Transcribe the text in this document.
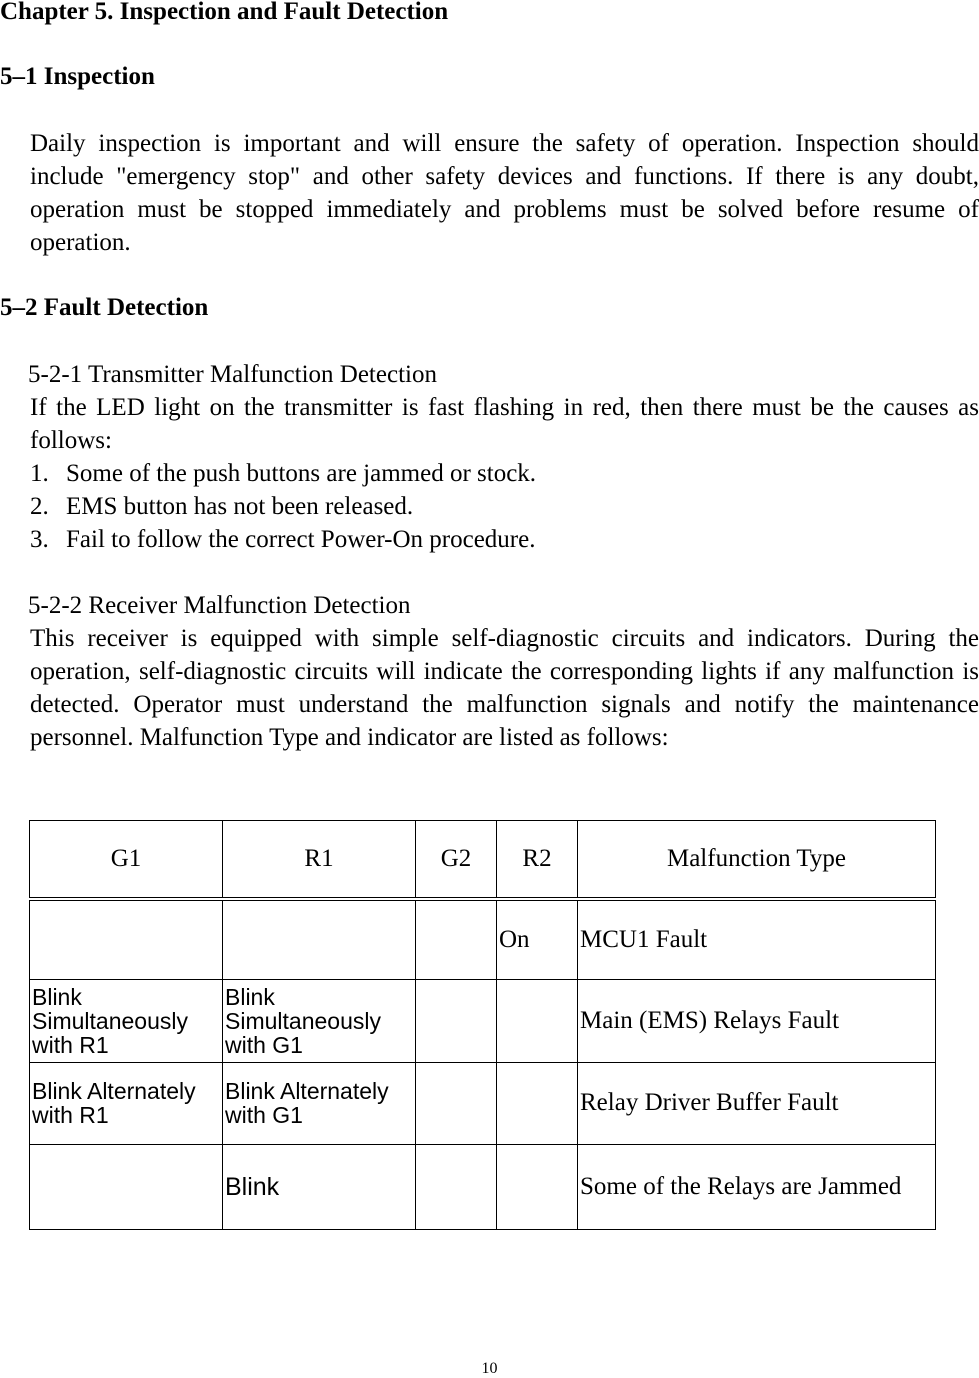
Chapter 5. Inspection and Fault Detection
5–1 Inspection

Daily inspection is important and will ensure the safety of operation. Inspection should include "emergency stop" and other safety devices and functions. If there is any doubt, operation must be stopped immediately and problems must be solved before resume of operation.

5–2 Fault Detection
5-2-1 Transmitter Malfunction Detection

If the LED light on the transmitter is fast flashing in red, then there must be the causes as follows:

1. Some of the push buttons are jammed or stock.
2. EMS button has not been released.
3. Fail to follow the correct Power-On procedure.
5-2-2 Receiver Malfunction Detection

This receiver is equipped with simple self-diagnostic circuits and indicators. During the operation, self-diagnostic circuits will indicate the corresponding lights if any malfunction is detected. Operator must understand the malfunction signals and notify the maintenance personnel. Malfunction Type and indicator are listed as follows:

G1	R1	G2	R2	Malfunction Type
			On	MCU1 Fault
Blink Simultaneously with R1	Blink Simultaneously with G1			Main (EMS) Relays Fault
Blink Alternately with R1	Blink Alternately with G1			Relay Driver Buffer Fault
	Blink			Some of the Relays are Jammed
10
